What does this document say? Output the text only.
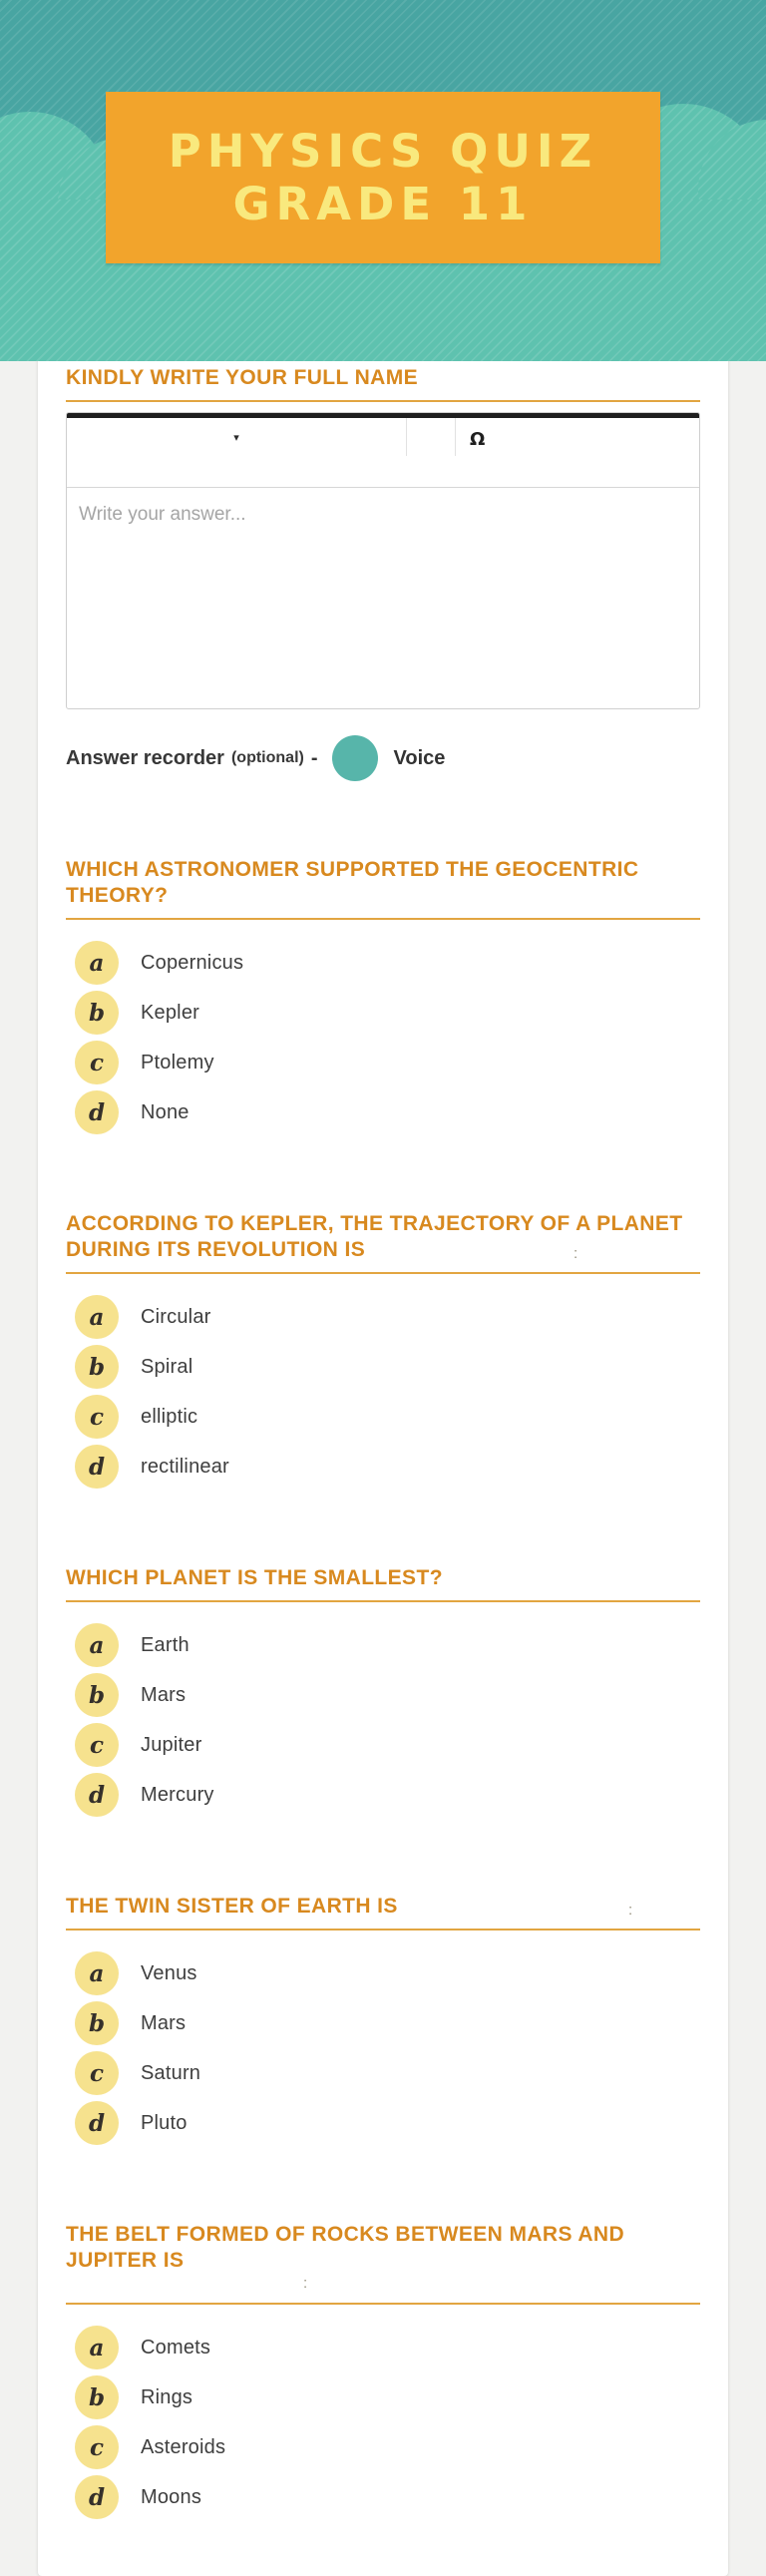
PHYSICS QUIZ
GRADE 11
KINDLY WRITE YOUR FULL NAME
▾	Ω
Write your answer...
Answer recorder (optional) -	Voice
WHICH ASTRONOMER SUPPORTED THE GEOCENTRIC THEORY?
a Copernicus
b Kepler
c Ptolemy
d None
ACCORDING TO KEPLER, THE TRAJECTORY OF A PLANET DURING ITS REVOLUTION IS	:
a Circular
b Spiral
c elliptic
d rectilinear
WHICH PLANET IS THE SMALLEST?
a Earth
b Mars
c Jupiter
d Mercury
THE TWIN SISTER OF EARTH IS	:
a Venus
b Mars
c Saturn
d Pluto
THE BELT FORMED OF ROCKS BETWEEN MARS AND JUPITER IS
:
a Comets
b Rings
c Asteroids
d Moons
